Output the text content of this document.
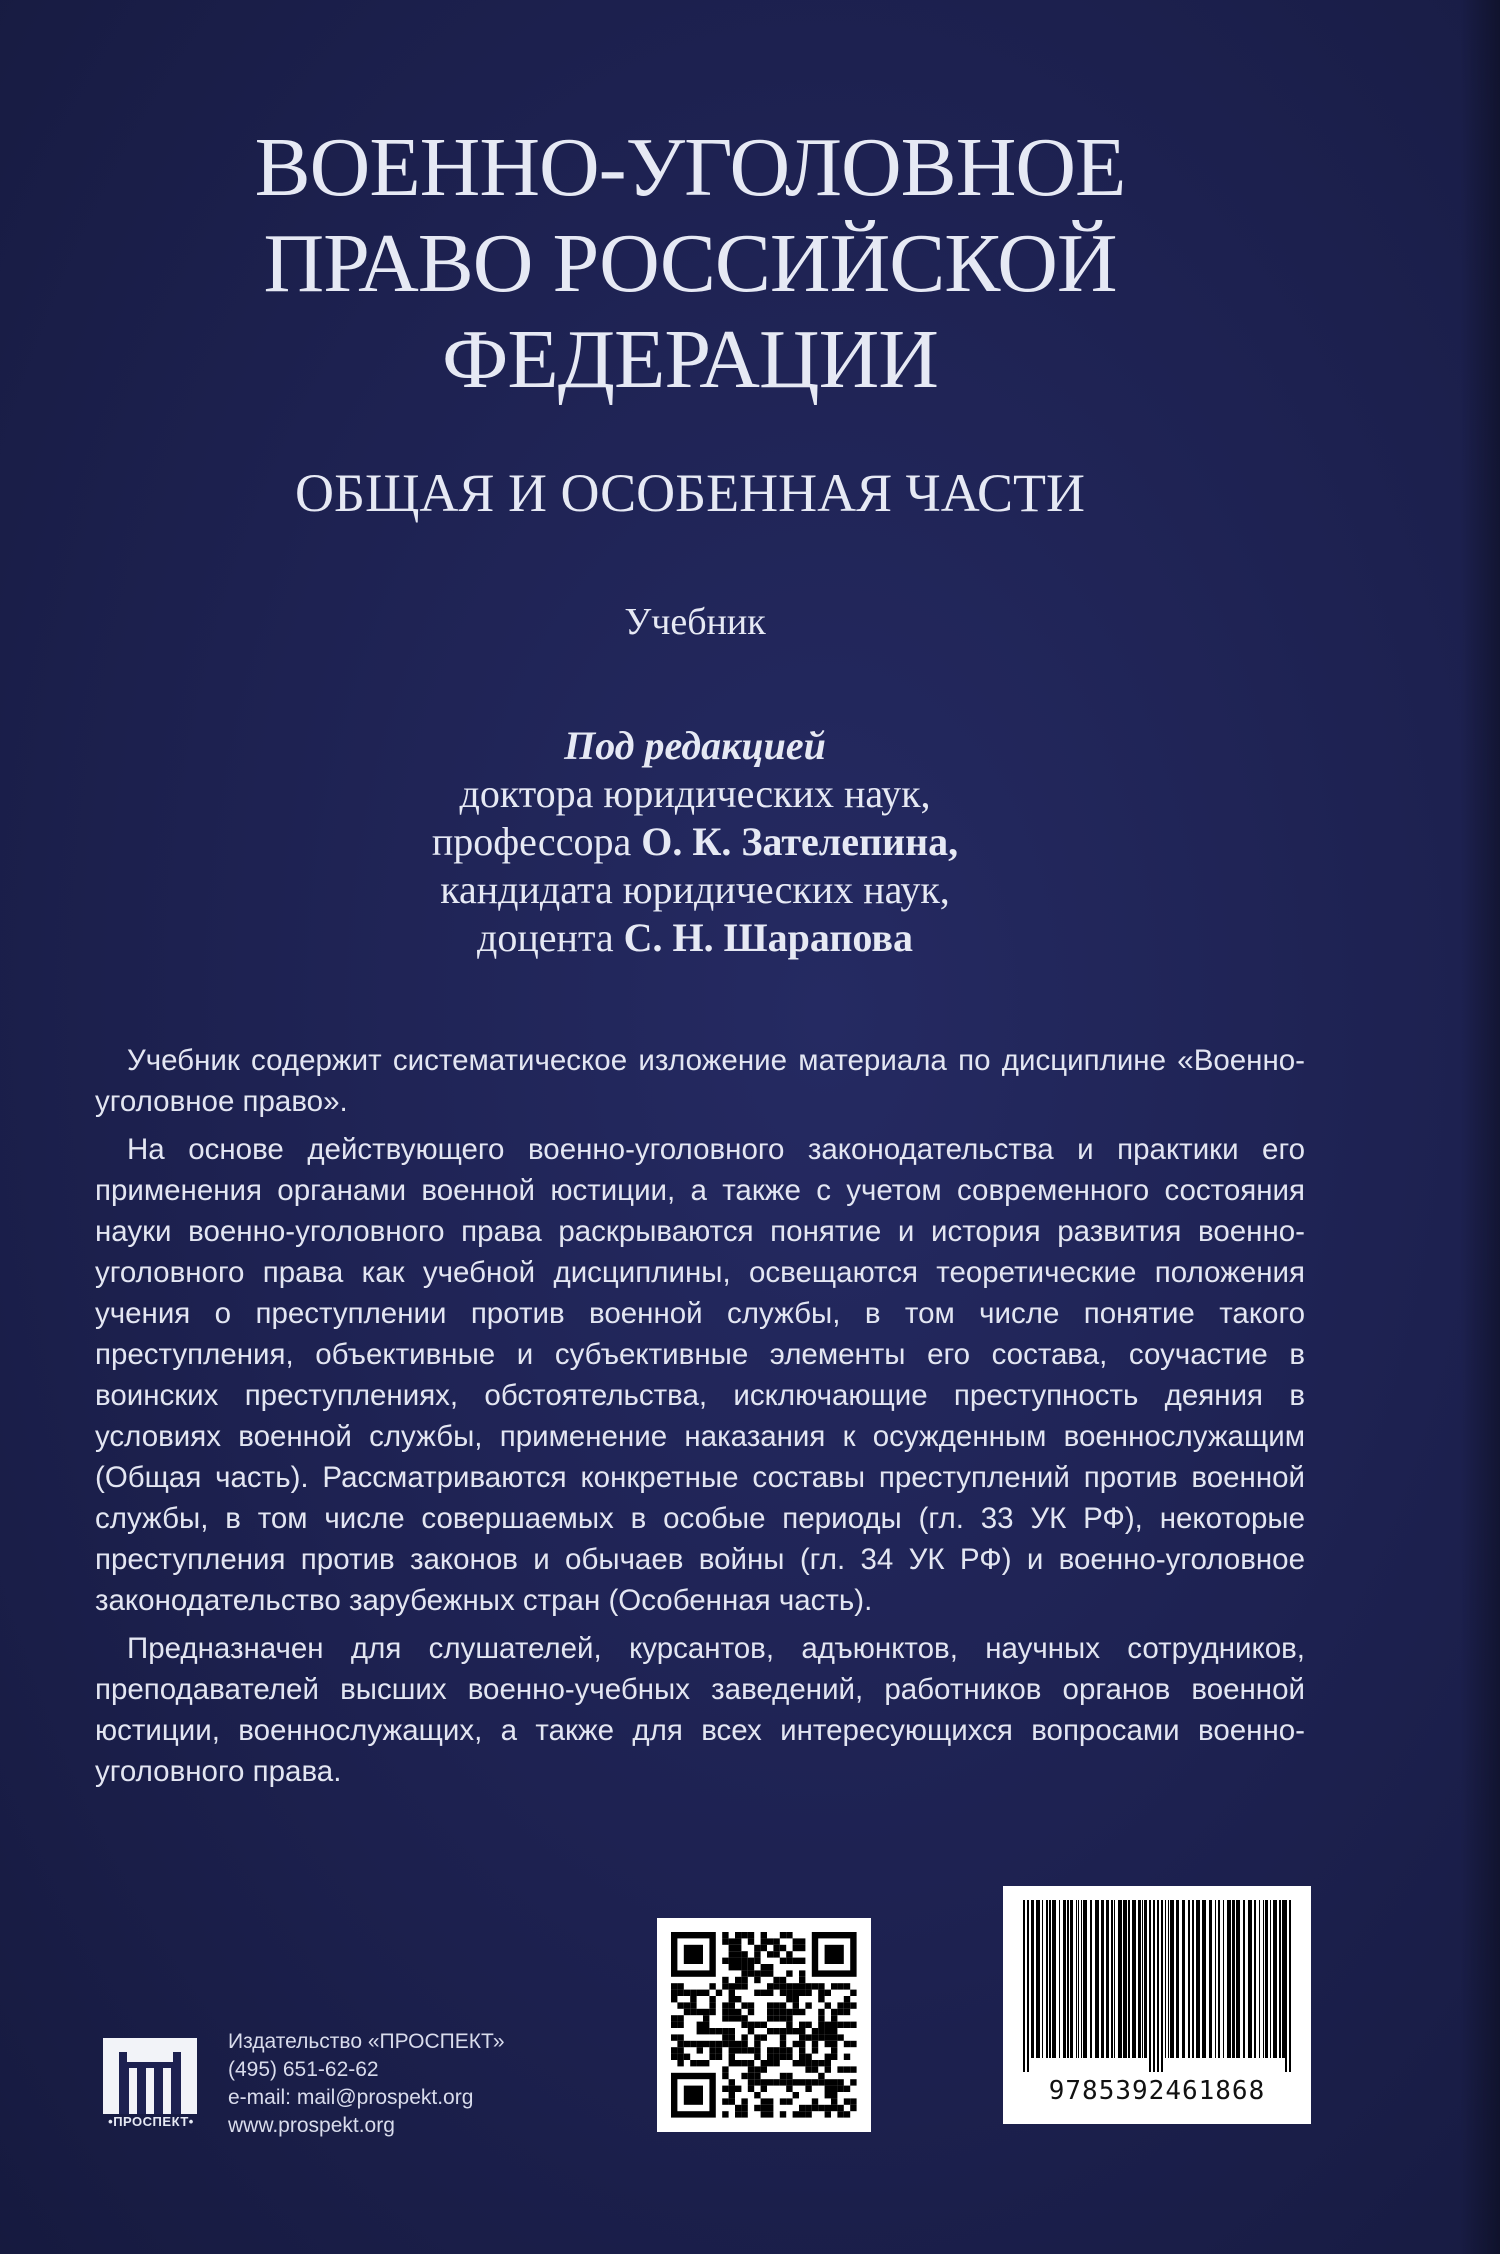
ВОЕННО-УГОЛОВНОЕ
ПРАВО РОССИЙСКОЙ
ФЕДЕРАЦИИ
ОБЩАЯ И ОСОБЕННАЯ ЧАСТИ
Учебник
Под редакцией
доктора юридических наук,
профессора О. К. Зателепина,
кандидата юридических наук,
доцента С. Н. Шарапова

Учебник содержит систематическое изложение материала по дисциплине «Военно-уголовное право».

На основе действующего военно-уголовного законодательства и практики его применения органами военной юстиции, а также с учетом современного состояния науки военно-уголовного права раскрываются понятие и история развития военно-уголовного права как учебной дисциплины, освещаются теоретические положения учения о преступлении против военной службы, в том числе понятие такого преступления, объективные и субъективные элементы его состава, соучастие в воинских преступлениях, обстоятельства, исключающие преступность деяния в условиях военной службы, применение наказания к осужденным военнослужащим (Общая часть). Рассматриваются конкретные составы преступлений против военной службы, в том числе совершаемых в особые периоды (гл. 33 УК РФ), некоторые преступления против законов и обычаев войны (гл. 34 УК РФ) и военно-уголовное законодательство зарубежных стран (Особенная часть).

Предназначен для слушателей, курсантов, адъюнктов, научных сотрудников, преподавателей высших военно-учебных заведений, работников органов военной юстиции, военнослужащих, а также для всех интересующихся вопросами военно-уголовного права.

•ПРОСПЕКТ•
Издательство «ПРОСПЕКТ»
(495) 651-62-62
e-mail: mail@prospekt.org
www.prospekt.org
9785392461868
